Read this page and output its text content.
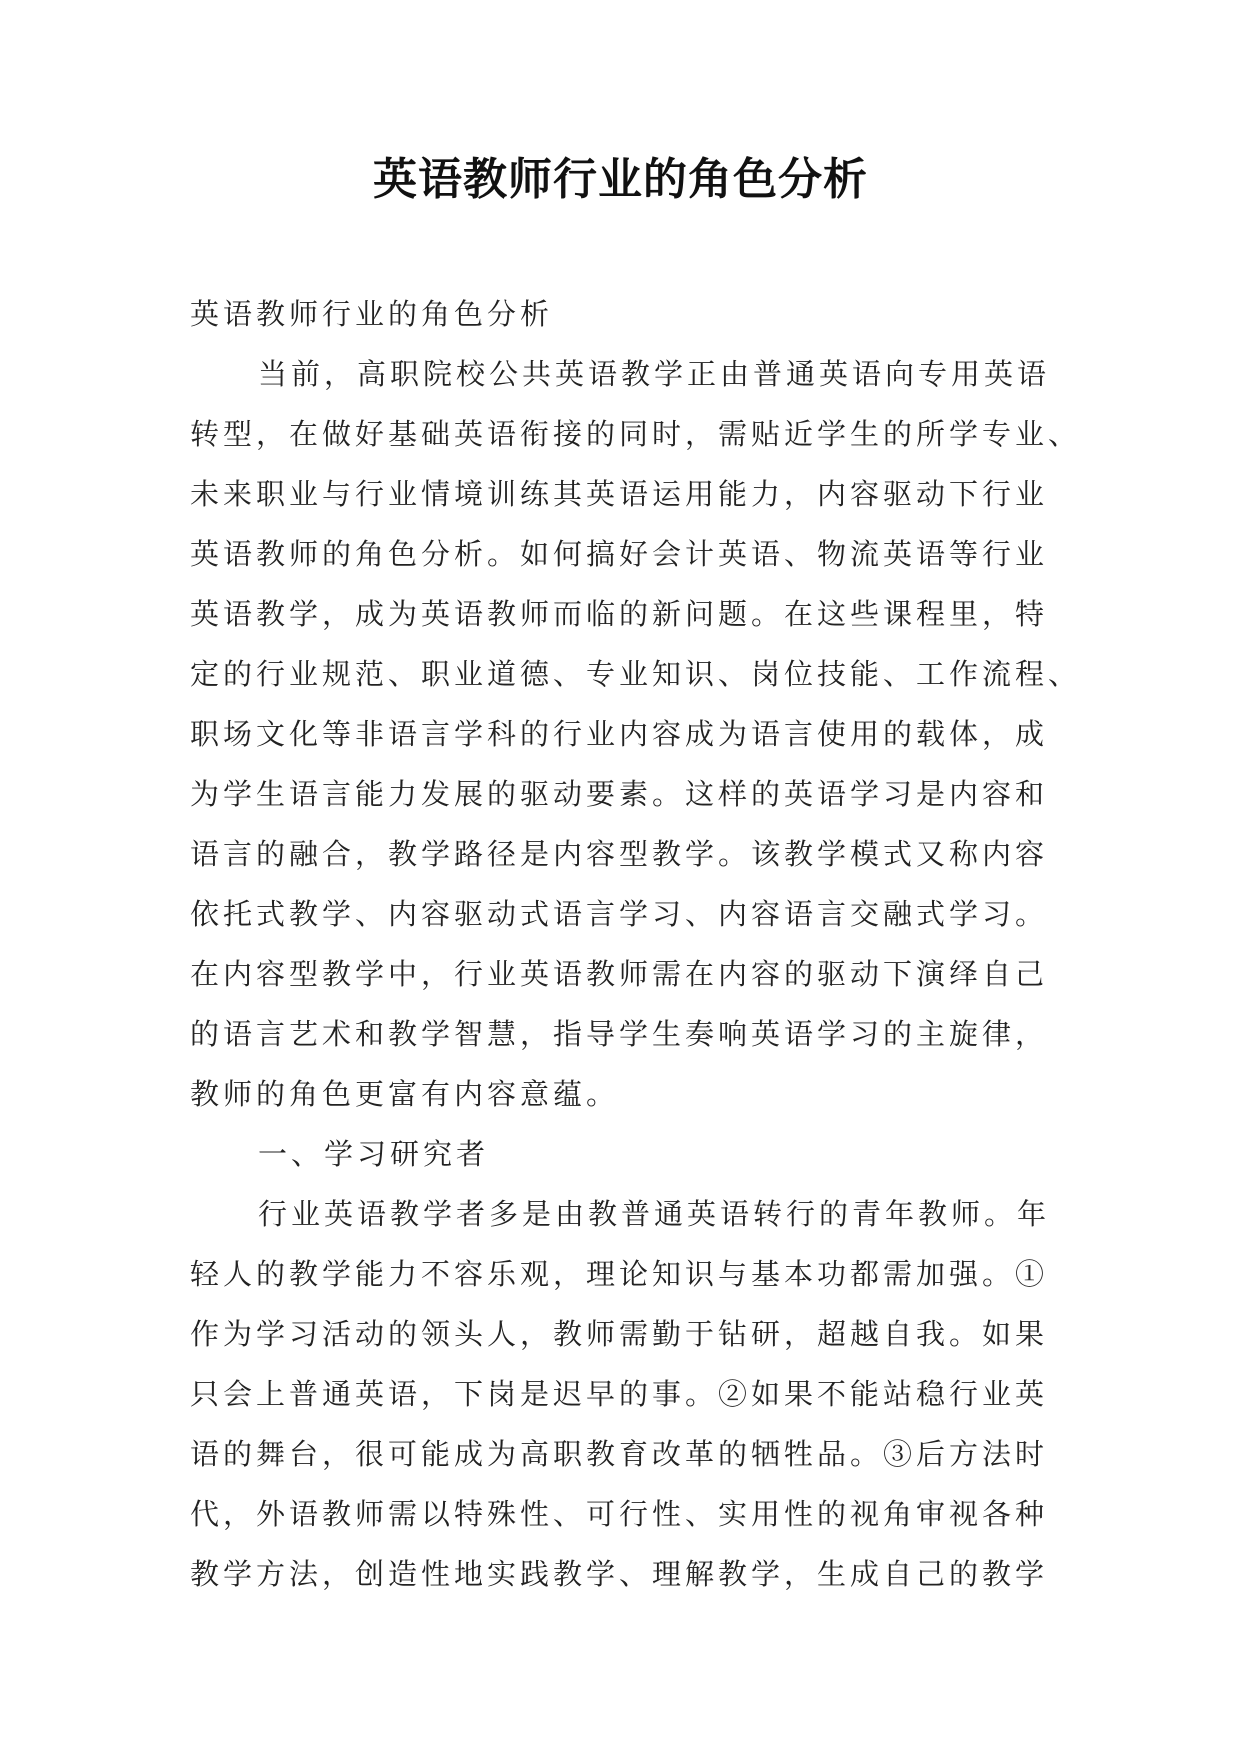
英语教师行业的角色分析

英语教师行业的角色分析

当前，高职院校公共英语教学正由普通英语向专用英语
转型，在做好基础英语衔接的同时，需贴近学生的所学专业、
未来职业与行业情境训练其英语运用能力，内容驱动下行业
英语教师的角色分析。如何搞好会计英语、物流英语等行业
英语教学，成为英语教师而临的新问题。在这些课程里，特
定的行业规范、职业道德、专业知识、岗位技能、工作流程、
职场文化等非语言学科的行业内容成为语言使用的载体，成
为学生语言能力发展的驱动要素。这样的英语学习是内容和
语言的融合，教学路径是内容型教学。该教学模式又称内容
依托式教学、内容驱动式语言学习、内容语言交融式学习。
在内容型教学中，行业英语教师需在内容的驱动下演绎自己
的语言艺术和教学智慧，指导学生奏响英语学习的主旋律，
教师的角色更富有内容意蕴。

一、学习研究者

行业英语教学者多是由教普通英语转行的青年教师。年
轻人的教学能力不容乐观，理论知识与基本功都需加强。①
作为学习活动的领头人，教师需勤于钻研，超越自我。如果
只会上普通英语，下岗是迟早的事。②如果不能站稳行业英
语的舞台，很可能成为高职教育改革的牺牲品。③后方法时
代，外语教师需以特殊性、可行性、实用性的视角审视各种
教学方法，创造性地实践教学、理解教学，生成自己的教学
